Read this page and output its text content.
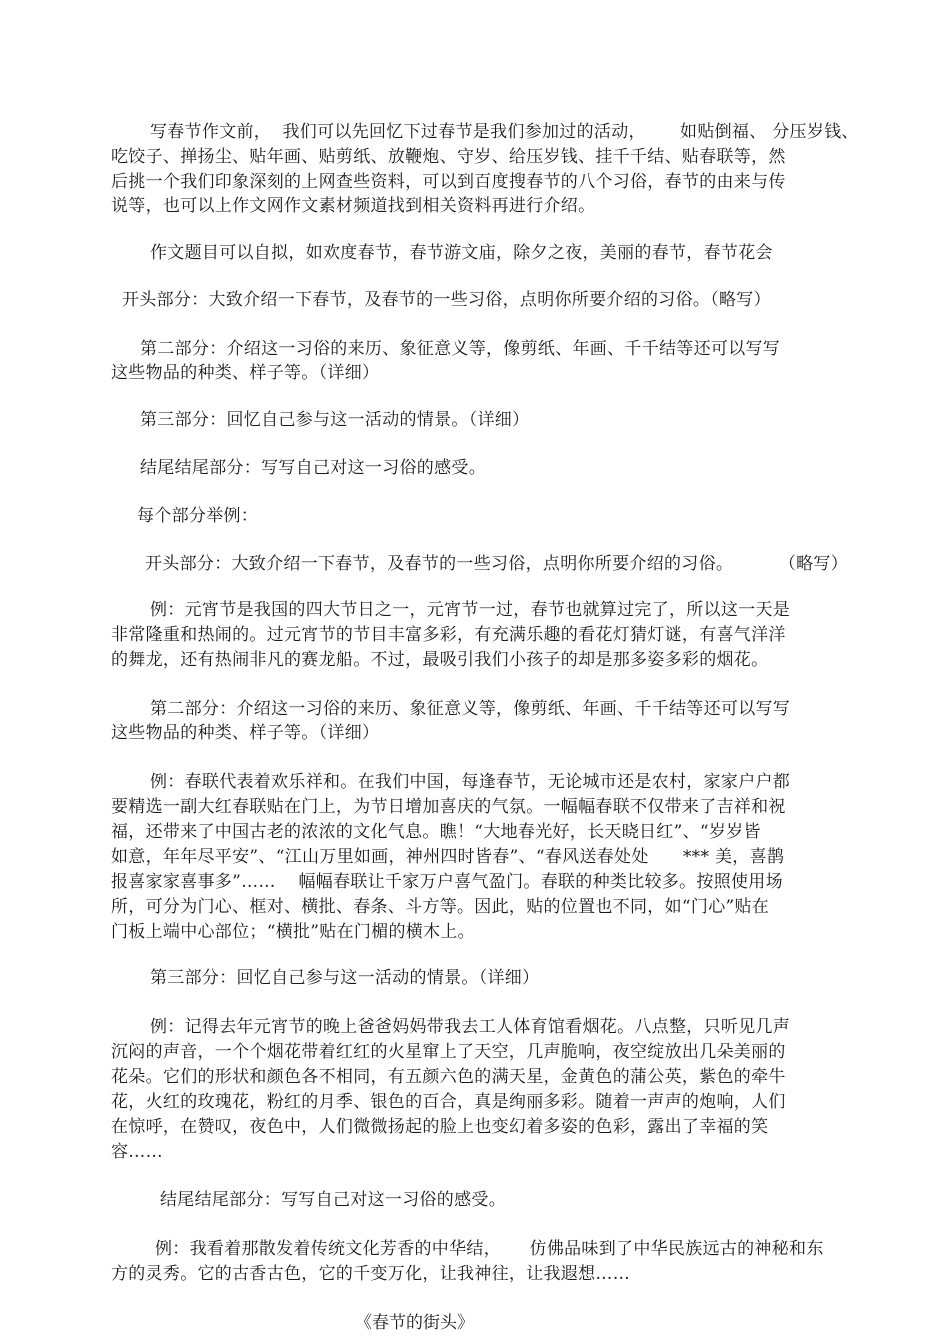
写春节作文前，  我们可以先回忆下过春节是我们参加过的活动，      如贴倒福、 分压岁钱、
吃饺子、掸扬尘、贴年画、贴剪纸、放鞭炮、守岁、给压岁钱、挂千千结、贴春联等，然
后挑一个我们印象深刻的上网查些资料，可以到百度搜春节的八个习俗，春节的由来与传
说等，也可以上作文网作文素材频道找到相关资料再进行介绍。
作文题目可以自拟，如欢度春节，春节游文庙，除夕之夜，美丽的春节，春节花会
开头部分：大致介绍一下春节，及春节的一些习俗，点明你所要介绍的习俗。（略写）
第二部分：介绍这一习俗的来历、象征意义等，像剪纸、年画、千千结等还可以写写
这些物品的种类、样子等。（详细）
第三部分：回忆自己参与这一活动的情景。（详细）
结尾结尾部分：写写自己对这一习俗的感受。
每个部分举例：
开头部分：大致介绍一下春节，及春节的一些习俗，点明你所要介绍的习俗。        （略写）
例：元宵节是我国的四大节日之一，元宵节一过，春节也就算过完了，所以这一天是
非常隆重和热闹的。过元宵节的节目丰富多彩，有充满乐趣的看花灯猜灯谜，有喜气洋洋
的舞龙，还有热闹非凡的赛龙船。不过，最吸引我们小孩子的却是那多姿多彩的烟花。
第二部分：介绍这一习俗的来历、象征意义等，像剪纸、年画、千千结等还可以写写
这些物品的种类、样子等。（详细）
例：春联代表着欢乐祥和。在我们中国，每逢春节，无论城市还是农村，家家户户都
要精选一副大红春联贴在门上，为节日增加喜庆的气氛。一幅幅春联不仅带来了吉祥和祝
福，还带来了中国古老的浓浓的文化气息。瞧！“大地春光好，长天晓日红”、“岁岁皆
如意，年年尽平安”、“江山万里如画，神州四时皆春”、“春风送春处处      *** 美，喜鹊
报喜家家喜事多”……    幅幅春联让千家万户喜气盈门。春联的种类比较多。按照使用场
所，可分为门心、框对、横批、春条、斗方等。因此，贴的位置也不同，如“门心”贴在
门板上端中心部位；“横批”贴在门楣的横木上。
第三部分：回忆自己参与这一活动的情景。（详细）
例：记得去年元宵节的晚上爸爸妈妈带我去工人体育馆看烟花。八点整，只听见几声
沉闷的声音，一个个烟花带着红红的火星窜上了天空，几声脆响，夜空绽放出几朵美丽的
花朵。它们的形状和颜色各不相同，有五颜六色的满天星，金黄色的蒲公英，紫色的牵牛
花，火红的玫瑰花，粉红的月季、银色的百合，真是绚丽多彩。随着一声声的炮响，人们
在惊呼，在赞叹，夜色中，人们微微扬起的脸上也变幻着多姿的色彩，露出了幸福的笑
容……
结尾结尾部分：写写自己对这一习俗的感受。
例：我看着那散发着传统文化芳香的中华结，     仿佛品味到了中华民族远古的神秘和东
方的灵秀。它的古香古色，它的千变万化，让我神往，让我遐想……
《春节的街头》
